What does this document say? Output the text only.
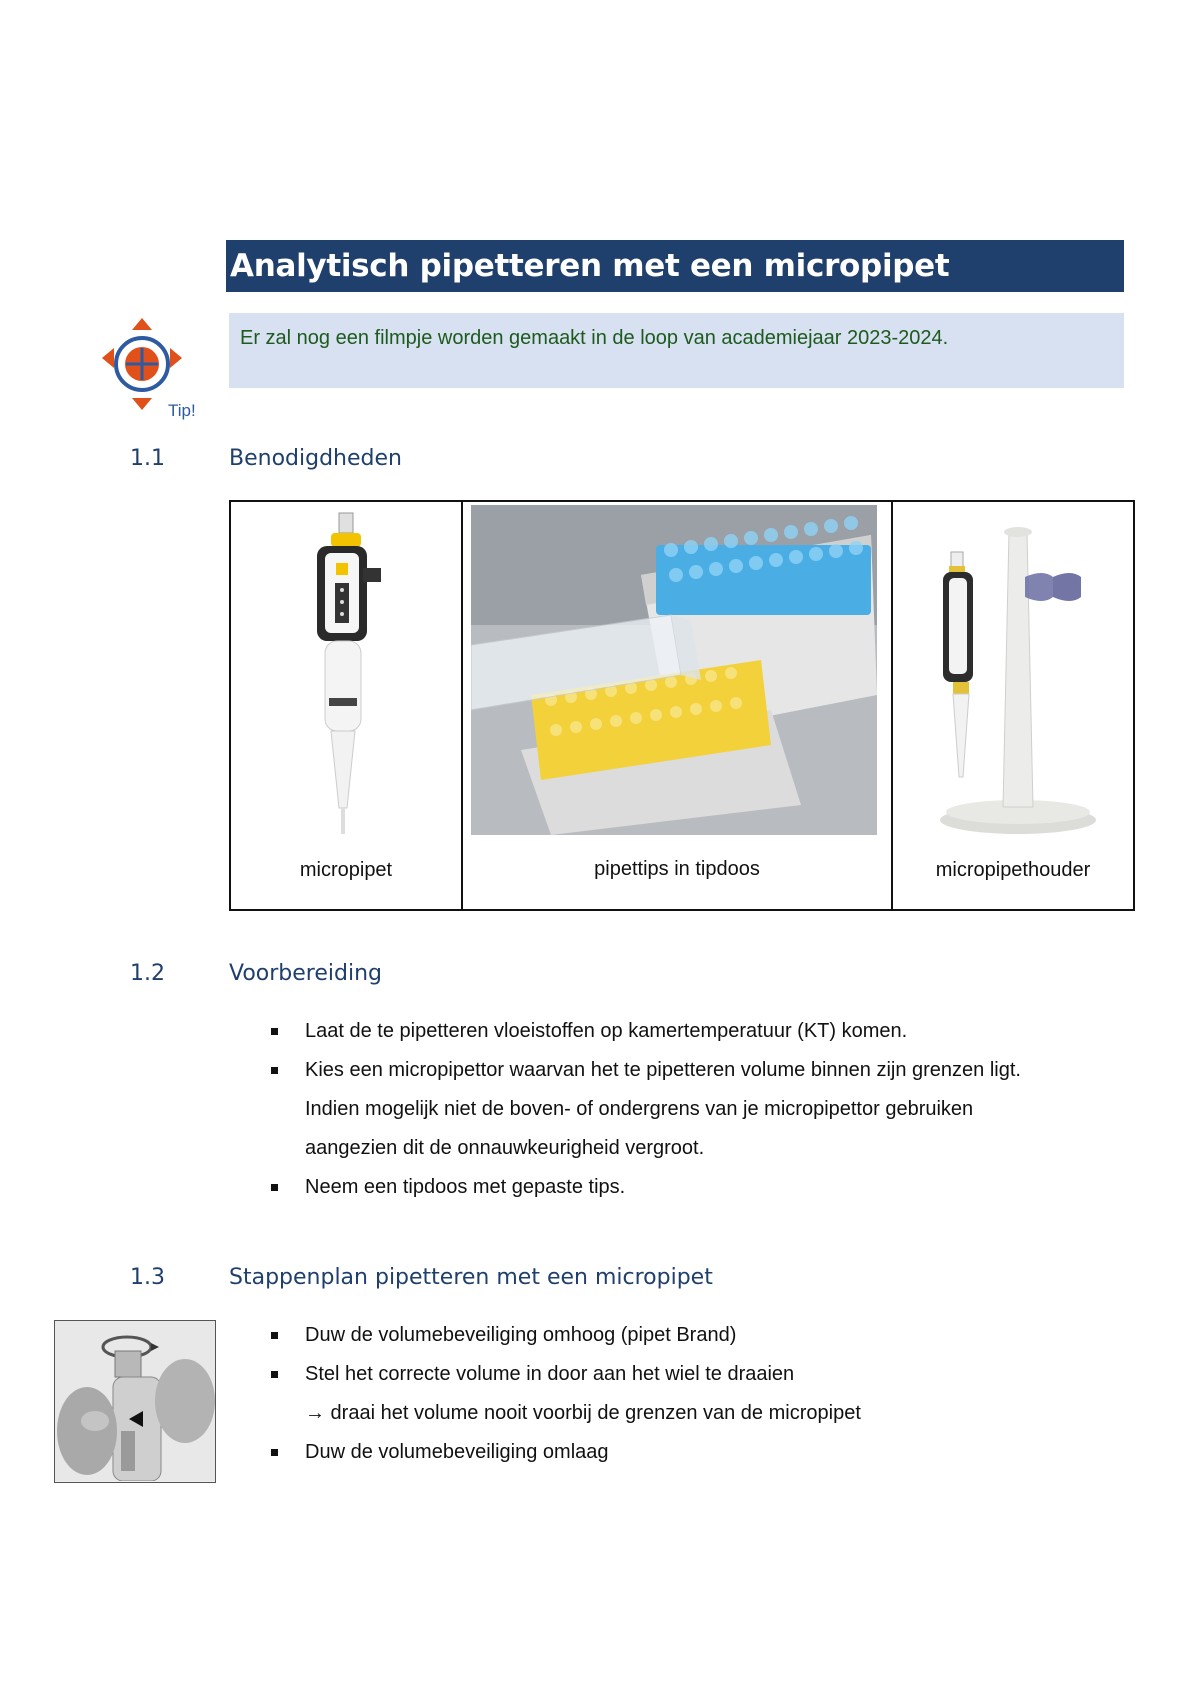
Analytisch pipetteren met een micropipet
Tip!

Er zal nog een filmpje worden gemaakt in de loop van academiejaar 2023-2024.

1.1	Benodigdheden
micropipet	pipettips in tipdoos	micropipethouder
1.2	Voorbereiding
Laat de te pipetteren vloeistoffen op kamertemperatuur (KT) komen.
Kies een micropipettor waarvan het te pipetteren volume binnen zijn grenzen ligt.
Indien mogelijk niet de boven- of ondergrens van je micropipettor gebruiken
aangezien dit de onnauwkeurigheid vergroot.
Neem een tipdoos met gepaste tips.
1.3	Stappenplan pipetteren met een micropipet
Duw de volumebeveiliging omhoog (pipet Brand)
Stel het correcte volume in door aan het wiel te draaien
→ draai het volume nooit voorbij de grenzen van de micropipet
Duw de volumebeveiliging omlaag
